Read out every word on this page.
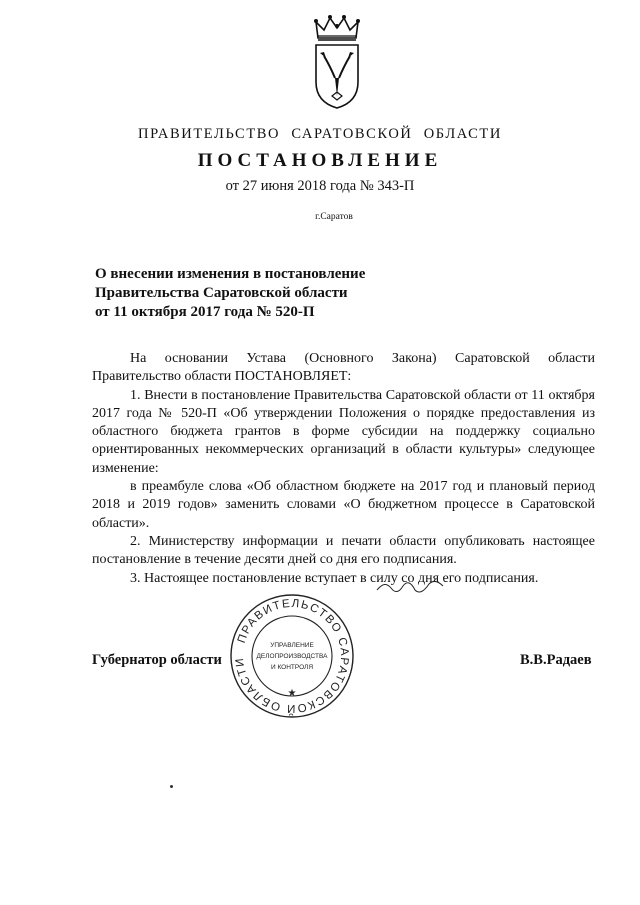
ПРАВИТЕЛЬСТВО САРАТОВСКОЙ ОБЛАСТИ
ПОСТАНОВЛЕНИЕ
от 27 июня 2018 года № 343-П
г.Саратов
О внесении изменения в постановление
Правительства Саратовской области
от 11 октября 2017 года № 520-П

На основании Устава (Основного Закона) Саратовской области Правительство области ПОСТАНОВЛЯЕТ:

1. Внести в постановление Правительства Саратовской области от 11 октября 2017 года № 520-П «Об утверждении Положения о порядке предоставления из областного бюджета грантов в форме субсидии на поддержку социально ориентированных некоммерческих организаций в области культуры» следующее изменение:

в преамбуле слова «Об областном бюджете на 2017 год и плановый период 2018 и 2019 годов» заменить словами «О бюджетном процессе в Саратовской области».

2. Министерству информации и печати области опубликовать настоящее постановление в течение десяти дней со дня его подписания.

3. Настоящее постановление вступает в силу со дня его подписания.

Губернатор области
ПРАВИТЕЛЬСТВО САРАТОВСКОЙ ОБЛАСТИ
★
УПРАВЛЕНИЕ
ДЕЛОПРОИЗВОДСТВА
И КОНТРОЛЯ	В.В.Радаев
